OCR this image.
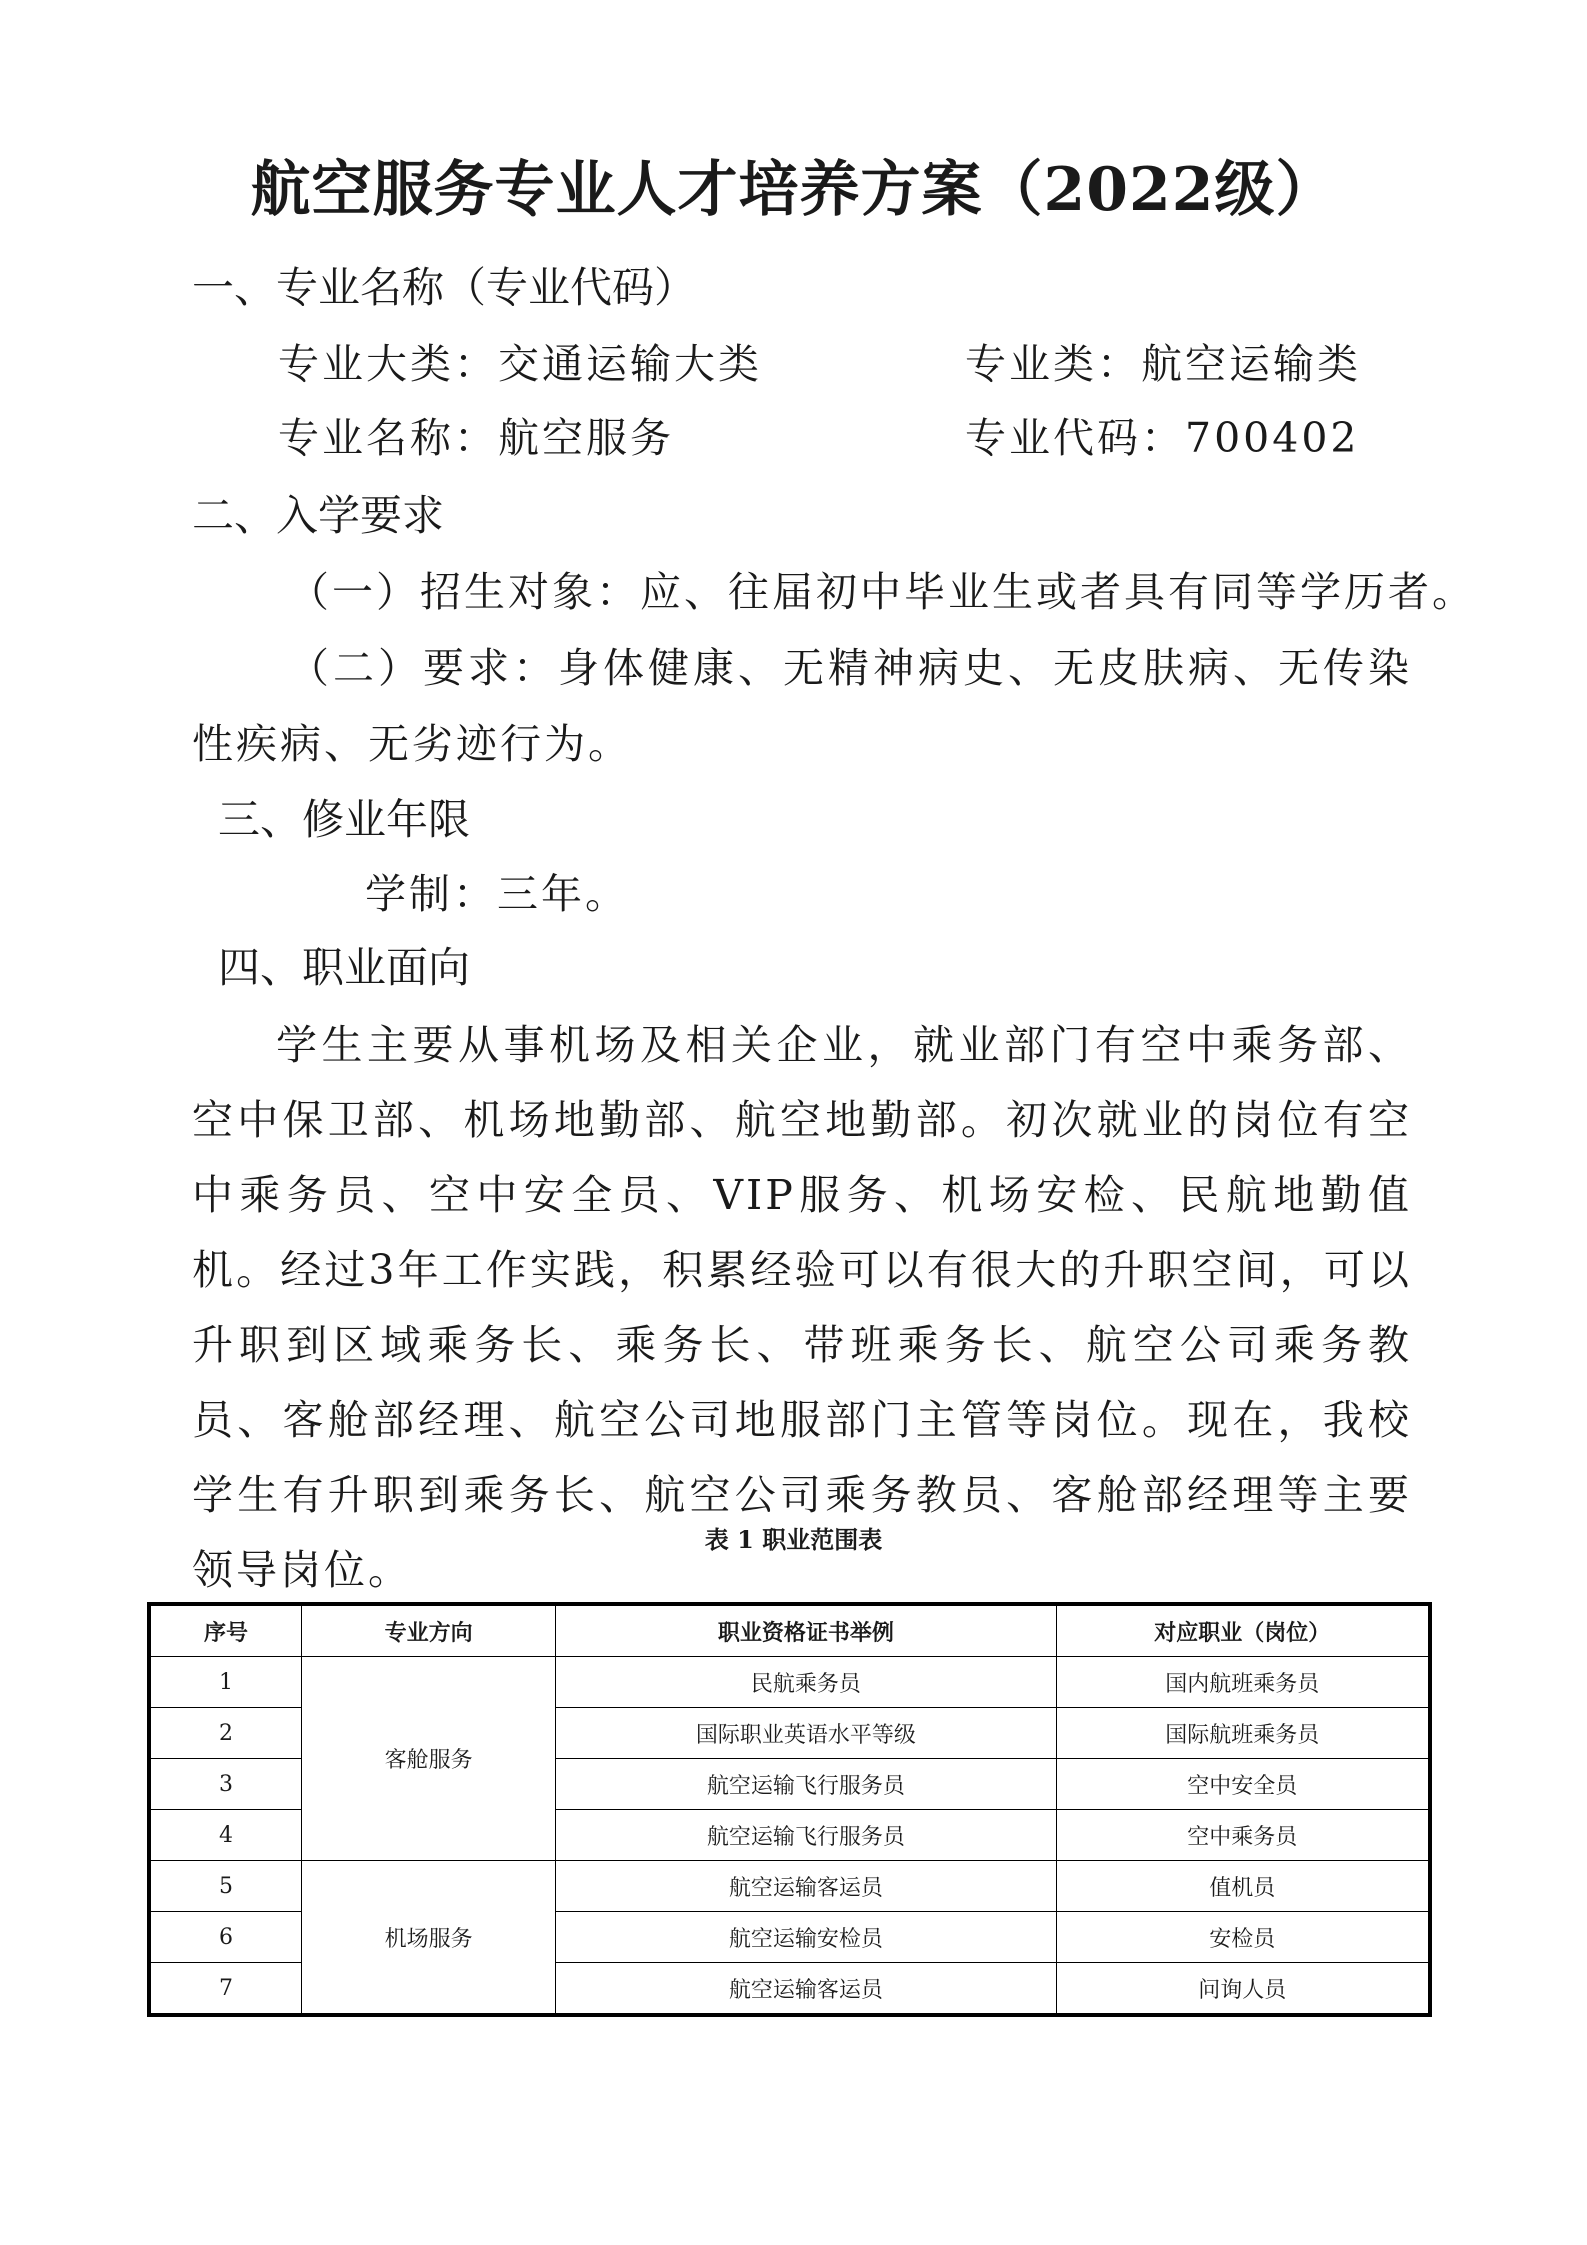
航空服务专业人才培养方案（2022级）
一、专业名称（专业代码）
专业大类：交通运输大类	专业类：航空运输类
专业名称：航空服务	专业代码：700402
二、入学要求
（一）招生对象：应、往届初中毕业生或者具有同等学历者。
（二）要求：身体健康、无精神病史、无皮肤病、无传染性疾病、无劣迹行为。
三、修业年限
学制：三年。
四、职业面向
学生主要从事机场及相关企业，就业部门有空中乘务部、空中保卫部、机场地勤部、航空地勤部。初次就业的岗位有空中乘务员、空中安全员、VIP服务、机场安检、民航地勤值机。经过3年工作实践，积累经验可以有很大的升职空间，可以升职到区域乘务长、乘务长、带班乘务长、航空公司乘务教员、客舱部经理、航空公司地服部门主管等岗位。现在，我校学生有升职到乘务长、航空公司乘务教员、客舱部经理等主要领导岗位。
表 1 职业范围表
序号	专业方向	职业资格证书举例	对应职业（岗位）
1	客舱服务	民航乘务员	国内航班乘务员
2		国际职业英语水平等级	国际航班乘务员
3		航空运输飞行服务员	空中安全员
4		航空运输飞行服务员	空中乘务员
5	机场服务	航空运输客运员	值机员
6		航空运输安检员	安检员
7		航空运输客运员	问询人员
